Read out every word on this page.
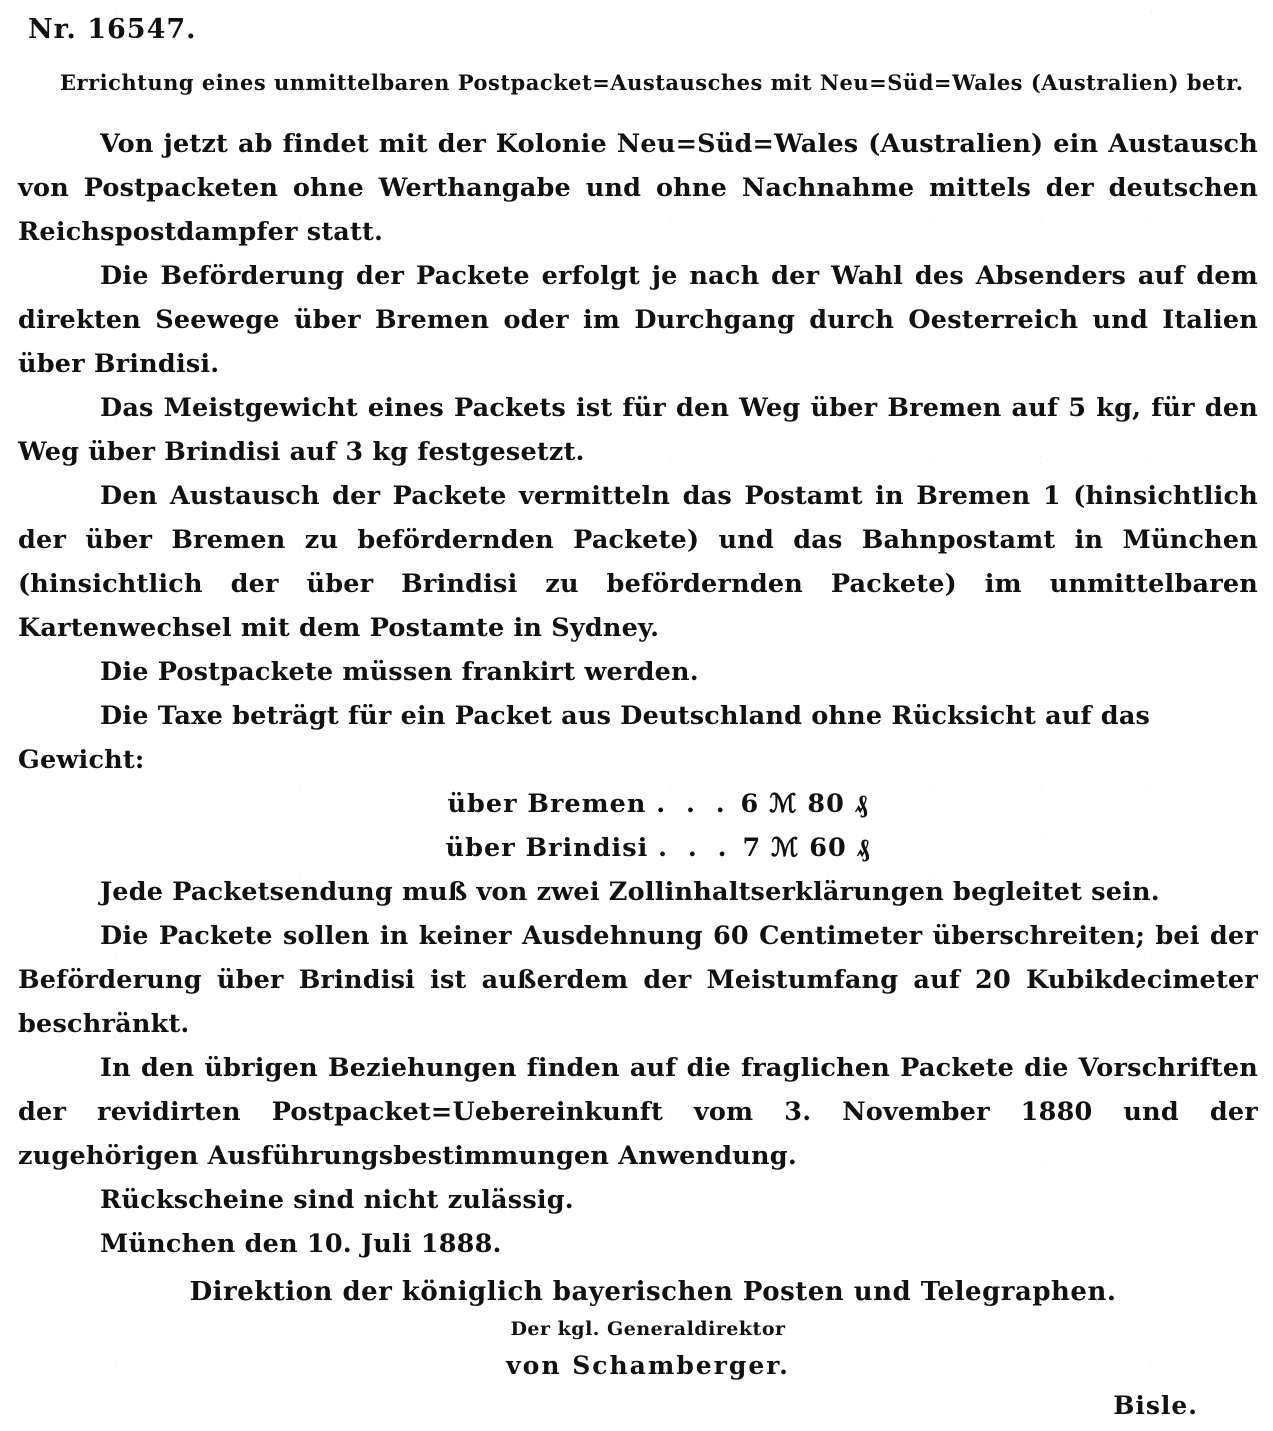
Nr. 16547.
Errichtung eines unmittelbaren Postpacket=Austausches mit Neu=Süd=Wales (Australien) betr.

Von jetzt ab findet mit der Kolonie Neu=Süd=Wales (Australien) ein Austausch von Postpacketen ohne Werthangabe und ohne Nachnahme mittels der deutschen Reichspostdampfer statt.

Die Beförderung der Packete erfolgt je nach der Wahl des Absenders auf dem direkten Seewege über Bremen oder im Durchgang durch Oesterreich und Italien über Brindisi.

Das Meistgewicht eines Packets ist für den Weg über Bremen auf 5 kg, für den Weg über Brindisi auf 3 kg festgesetzt.

Den Austausch der Packete vermitteln das Postamt in Bremen 1 (hinsichtlich der über Bremen zu befördernden Packete) und das Bahnpostamt in München (hinsichtlich der über Brindisi zu befördernden Packete) im unmittelbaren Kartenwechsel mit dem Postamte in Sydney.

Die Postpackete müssen frankirt werden.

Die Taxe beträgt für ein Packet aus Deutschland ohne Rücksicht auf das Gewicht:

über Bremen . . . 6 ℳ 80 ₰
über Brindisi . . . 7 ℳ 60 ₰

Jede Packetsendung muß von zwei Zollinhaltserklärungen begleitet sein.

Die Packete sollen in keiner Ausdehnung 60 Centimeter überschreiten; bei der Beförderung über Brindisi ist außerdem der Meistumfang auf 20 Kubikdecimeter beschränkt.

In den übrigen Beziehungen finden auf die fraglichen Packete die Vorschriften der revidirten Postpacket=Uebereinkunft vom 3. November 1880 und der zugehörigen Ausführungsbestimmungen Anwendung.

Rückscheine sind nicht zulässig.

München den 10. Juli 1888.

Direktion der königlich bayerischen Posten und Telegraphen.
Der kgl. Generaldirektor
von Schamberger.
Bisle.
